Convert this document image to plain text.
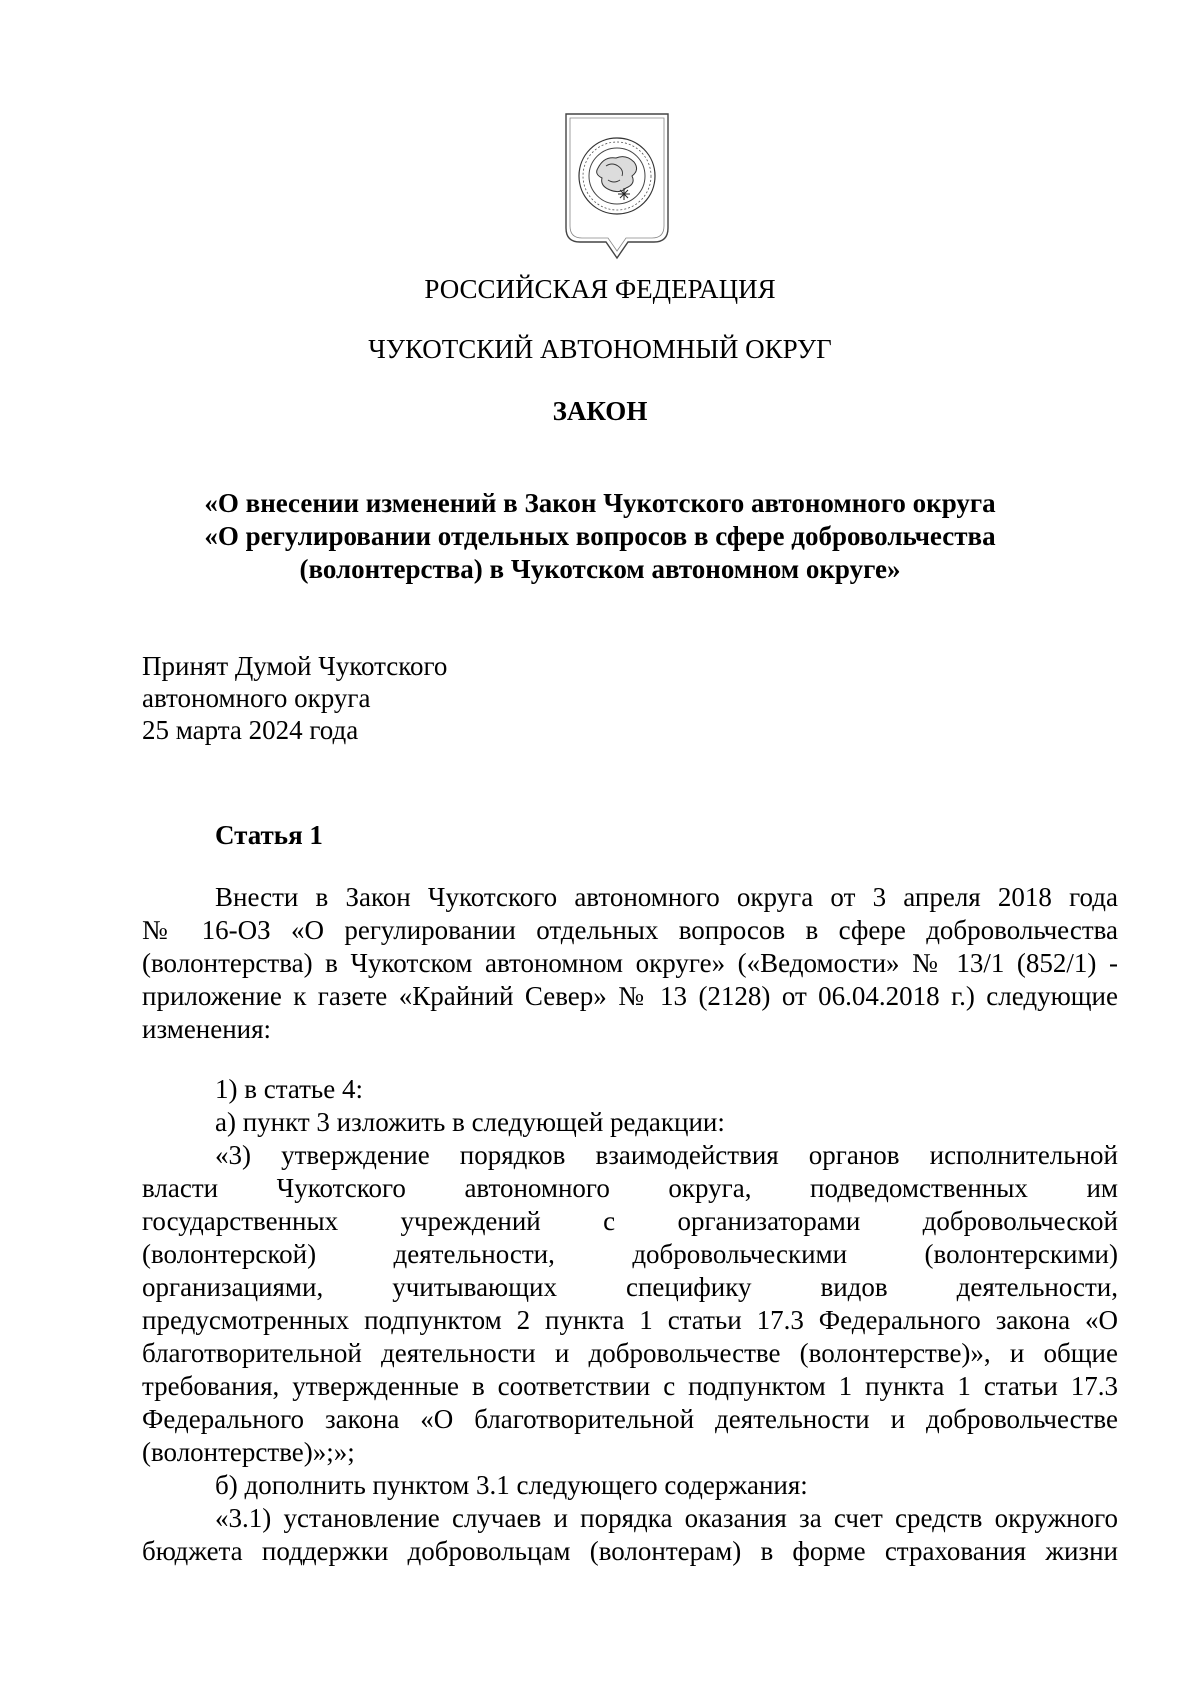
РОССИЙСКАЯ ФЕДЕРАЦИЯ
ЧУКОТСКИЙ АВТОНОМНЫЙ ОКРУГ
ЗАКОН
«О внесении изменений в Закон Чукотского автономного округа
«О регулировании отдельных вопросов в сфере добровольчества
(волонтерства) в Чукотском автономном округе»
Принят Думой Чукотского
автономного округа
25 марта 2024 года
Статья 1
Внести в Закон Чукотского автономного округа от 3 апреля 2018 года
№ 16-ОЗ «О регулировании отдельных вопросов в сфере добровольчества
(волонтерства) в Чукотском автономном округе» («Ведомости» № 13/1 (852/1) -
приложение к газете «Крайний Север» № 13 (2128) от 06.04.2018 г.) следующие
изменения:
1) в статье 4:
а) пункт 3 изложить в следующей редакции:
«3) утверждение порядков взаимодействия органов исполнительной
власти Чукотского автономного округа, подведомственных им
государственных учреждений с организаторами добровольческой
(волонтерской) деятельности, добровольческими (волонтерскими)
организациями, учитывающих специфику видов деятельности,
предусмотренных подпунктом 2 пункта 1 статьи 17.3 Федерального закона «О
благотворительной деятельности и добровольчестве (волонтерстве)», и общие
требования, утвержденные в соответствии с подпунктом 1 пункта 1 статьи 17.3
Федерального закона «О благотворительной деятельности и добровольчестве
(волонтерстве)»;»;
б) дополнить пунктом 3.1 следующего содержания:
«3.1) установление случаев и порядка оказания за счет средств окружного
бюджета поддержки добровольцам (волонтерам) в форме страхования жизни
